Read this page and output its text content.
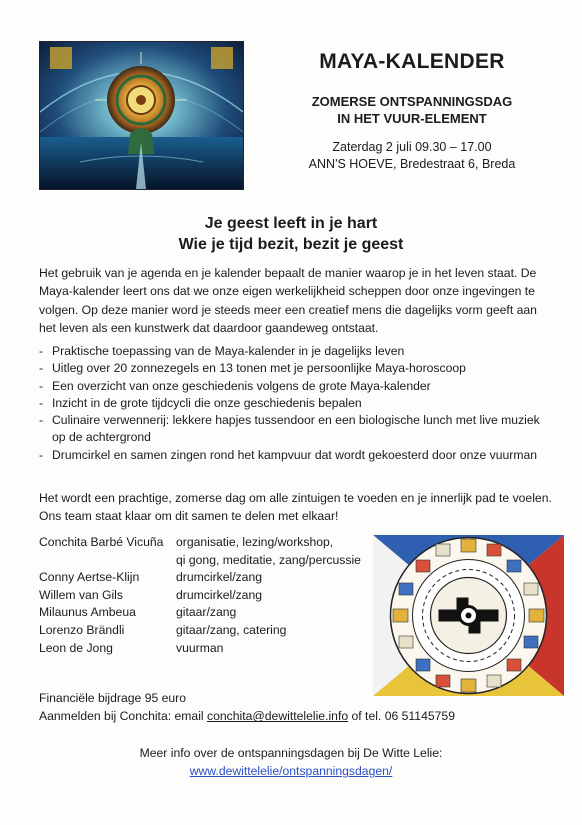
MAYA-KALENDER
ZOMERSE ONTSPANNINGSDAG
IN HET VUUR-ELEMENT
Zaterdag 2 juli 09.30 – 17.00
ANN'S HOEVE, Bredestraat 6, Breda
Je geest leeft in je hart
Wie je tijd bezit, bezit je geest
Het gebruik van je agenda en je kalender bepaalt de manier waarop je in het leven staat. De Maya-kalender leert ons dat we onze eigen werkelijkheid scheppen door onze ingevingen te volgen. Op deze manier word je steeds meer een creatief mens die dagelijks vorm geeft aan het leven als een kunstwerk dat daardoor gaandeweg ontstaat.
- Praktische toepassing van de Maya-kalender in je dagelijks leven
- Uitleg over 20 zonnezegels en 13 tonen met je persoonlijke Maya-horoscoop
- Een overzicht van onze geschiedenis volgens de grote Maya-kalender
- Inzicht in de grote tijdcycli die onze geschiedenis bepalen
- Culinaire verwennerij: lekkere hapjes tussendoor en een biologische lunch met live muziek op de achtergrond
- Drumcirkel en samen zingen rond het kampvuur dat wordt gekoesterd door onze vuurman
Het wordt een prachtige, zomerse dag om alle zintuigen te voeden en je innerlijk pad te voelen. Ons team staat klaar om dit samen te delen met elkaar!
Conchita Barbé Vicuña	organisatie, lezing/workshop,
qi gong, meditatie, zang/percussie
Conny Aertse-Klijn	drumcirkel/zang
Willem van Gils	drumcirkel/zang
Milaunus Ambeua	gitaar/zang
Lorenzo Brändli	gitaar/zang, catering
Leon de Jong	vuurman
Financiële bijdrage 95 euro
Aanmelden bij Conchita: email conchita@dewittelelie.info of tel. 06 51145759
Meer info over de ontspanningsdagen bij De Witte Lelie:
www.dewittelelie/ontspanningsdagen/
